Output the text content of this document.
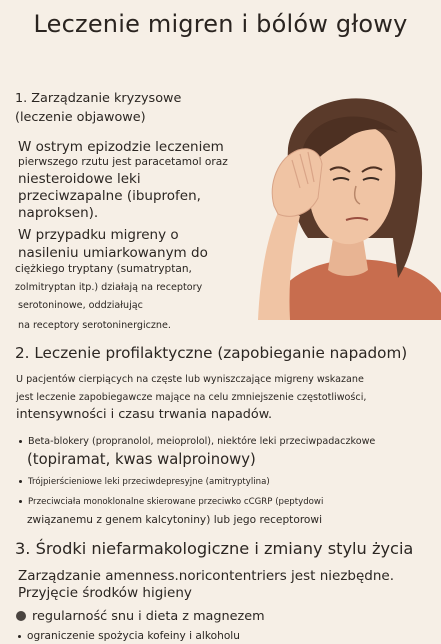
Leczenie migren i bólów głowy
1. Zarządzanie kryzysowe
(leczenie objawowe)
W ostrym epizodzie leczeniem
pierwszego rzutu jest paracetamol oraz
niesteroidowe leki
przeciwzapalne (ibuprofen,
naproksen).
W przypadku migreny o
nasileniu umiarkowanym do
ciężkiego tryptany (sumatryptan,
zolmitryptan itp.) działają na receptory
serotoninowe, oddziałując
na receptory serotoninergiczne.
2. Leczenie profilaktyczne (zapobieganie napadom)
U pacjentów cierpiących na częste lub wyniszczające migreny wskazane
jest leczenie zapobiegawcze mające na celu zmniejszenie częstotliwości,
intensywności i czasu trwania napadów.
Beta-blokery (propranolol, meioprolol), niektóre leki przeciwpadaczkowe
(topiramat, kwas walproinowy)
Trójpierścieniowe leki przeciwdepresyjne (amitryptylina)
Przeciwciała monoklonalne skierowane przeciwko cCGRP (peptydowi
związanemu z genem kalcytoniny) lub jego receptorowi
3. Środki niefarmakologiczne i zmiany stylu życia
Zarządzanie amenness.noricontentriers jest niezbędne.
Przyjęcie środków higieny
regularność snu i dieta z magnezem
ograniczenie spożycia kofeiny i alkoholu
